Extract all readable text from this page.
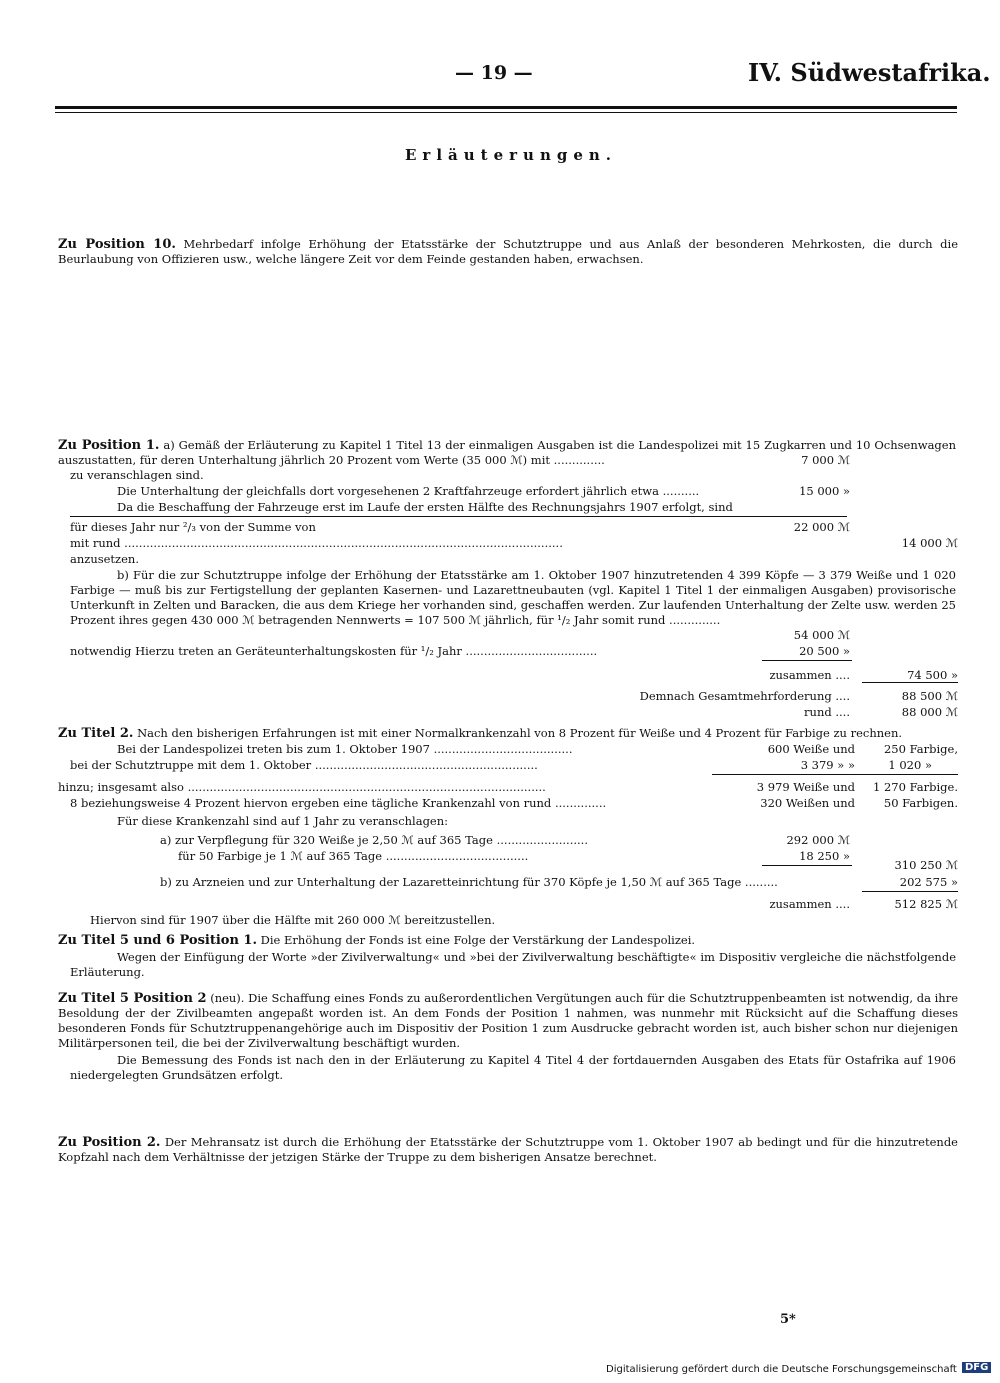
— 19 —	IV. Südwestafrika.
Erläuterungen.
Zu Position 10. Mehrbedarf infolge Erhöhung der Etatsstärke der Schutztruppe und aus Anlaß der besonderen Mehrkosten, die durch die Beurlaubung von Offizieren usw., welche längere Zeit vor dem Feinde gestanden haben, erwachsen.
Zu Position 1. a) Gemäß der Erläuterung zu Kapitel 1 Titel 13 der einmaligen Ausgaben ist die Landespolizei mit 15 Zugkarren und 10 Ochsenwagen auszustatten, für deren Unterhaltung jährlich 20 Prozent vom Werte (35 000 ℳ) mit ..............	7 000 ℳ
zu veranschlagen sind.
Die Unterhaltung der gleichfalls dort vorgesehenen 2 Kraftfahrzeuge erfordert jährlich etwa ..........	15 000 »
Da die Beschaffung der Fahrzeuge erst im Laufe der ersten Hälfte des Rechnungsjahrs 1907 erfolgt, sind
für dieses Jahr nur ²/₃ von der Summe von	22 000 ℳ
mit rund ........................................................................................................................	14 000 ℳ
anzusetzen.
b) Für die zur Schutztruppe infolge der Erhöhung der Etatsstärke am 1. Oktober 1907 hinzutretenden 4 399 Köpfe — 3 379 Weiße und 1 020 Farbige — muß bis zur Fertigstellung der geplanten Kasernen- und Lazarettneubauten (vgl. Kapitel 1 Titel 1 der einmaligen Ausgaben) provisorische Unterkunft in Zelten und Baracken, die aus dem Kriege her vorhanden sind, geschaffen werden. Zur laufenden Unterhaltung der Zelte usw. werden 25 Prozent ihres gegen 430 000 ℳ betragenden Nennwerts = 107 500 ℳ jährlich, für ¹/₂ Jahr somit rund ..............
54 000 ℳ
notwendig Hierzu treten an Geräteunterhaltungskosten für ¹/₂ Jahr ....................................	20 500 »
zusammen ....	74 500 »
Demnach Gesamtmehrforderung ....	88 500 ℳ
rund ....	88 000 ℳ
Zu Titel 2. Nach den bisherigen Erfahrungen ist mit einer Normalkrankenzahl von 8 Prozent für Weiße und 4 Prozent für Farbige zu rechnen.
Bei der Landespolizei treten bis zum 1. Oktober 1907 ......................................	600 Weiße und	250 Farbige,
bei der Schutztruppe mit dem 1. Oktober .............................................................	3 379 » »	1 020 »
hinzu; insgesamt also ..................................................................................................	3 979 Weiße und 1 270 Farbige.
8 beziehungsweise 4 Prozent hiervon ergeben eine tägliche Krankenzahl von rund ..............	320 Weißen und	50 Farbigen.
Für diese Krankenzahl sind auf 1 Jahr zu veranschlagen:
a) zur Verpflegung für 320 Weiße je 2,50 ℳ auf 365 Tage .........................	292 000 ℳ
für 50 Farbige je 1 ℳ auf 365 Tage .......................................	18 250 »
310 250 ℳ
b) zu Arzneien und zur Unterhaltung der Lazaretteinrichtung für 370 Köpfe je 1,50 ℳ auf 365 Tage .........	202 575 »
zusammen ....	512 825 ℳ
Hiervon sind für 1907 über die Hälfte mit 260 000 ℳ bereitzustellen.
Zu Titel 5 und 6 Position 1. Die Erhöhung der Fonds ist eine Folge der Verstärkung der Landespolizei.
Wegen der Einfügung der Worte »der Zivilverwaltung« und »bei der Zivilverwaltung beschäftigte« im Dispositiv vergleiche die nächstfolgende Erläuterung.
Zu Titel 5 Position 2 (neu). Die Schaffung eines Fonds zu außerordentlichen Vergütungen auch für die Schutztruppenbeamten ist notwendig, da ihre Besoldung der der Zivilbeamten angepaßt worden ist. An dem Fonds der Position 1 nahmen, was nunmehr mit Rücksicht auf die Schaffung dieses besonderen Fonds für Schutztruppenangehörige auch im Dispositiv der Position 1 zum Ausdrucke gebracht worden ist, auch bisher schon nur diejenigen Militärpersonen teil, die bei der Zivilverwaltung beschäftigt wurden.
Die Bemessung des Fonds ist nach den in der Erläuterung zu Kapitel 4 Titel 4 der fortdauernden Ausgaben des Etats für Ostafrika auf 1906 niedergelegten Grundsätzen erfolgt.
Zu Position 2. Der Mehransatz ist durch die Erhöhung der Etatsstärke der Schutztruppe vom 1. Oktober 1907 ab bedingt und für die hinzutretende Kopfzahl nach dem Verhältnisse der jetzigen Stärke der Truppe zu dem bisherigen Ansatze berechnet.
5*
Digitalisierung gefördert durch die Deutsche Forschungsgemeinschaft DFG
